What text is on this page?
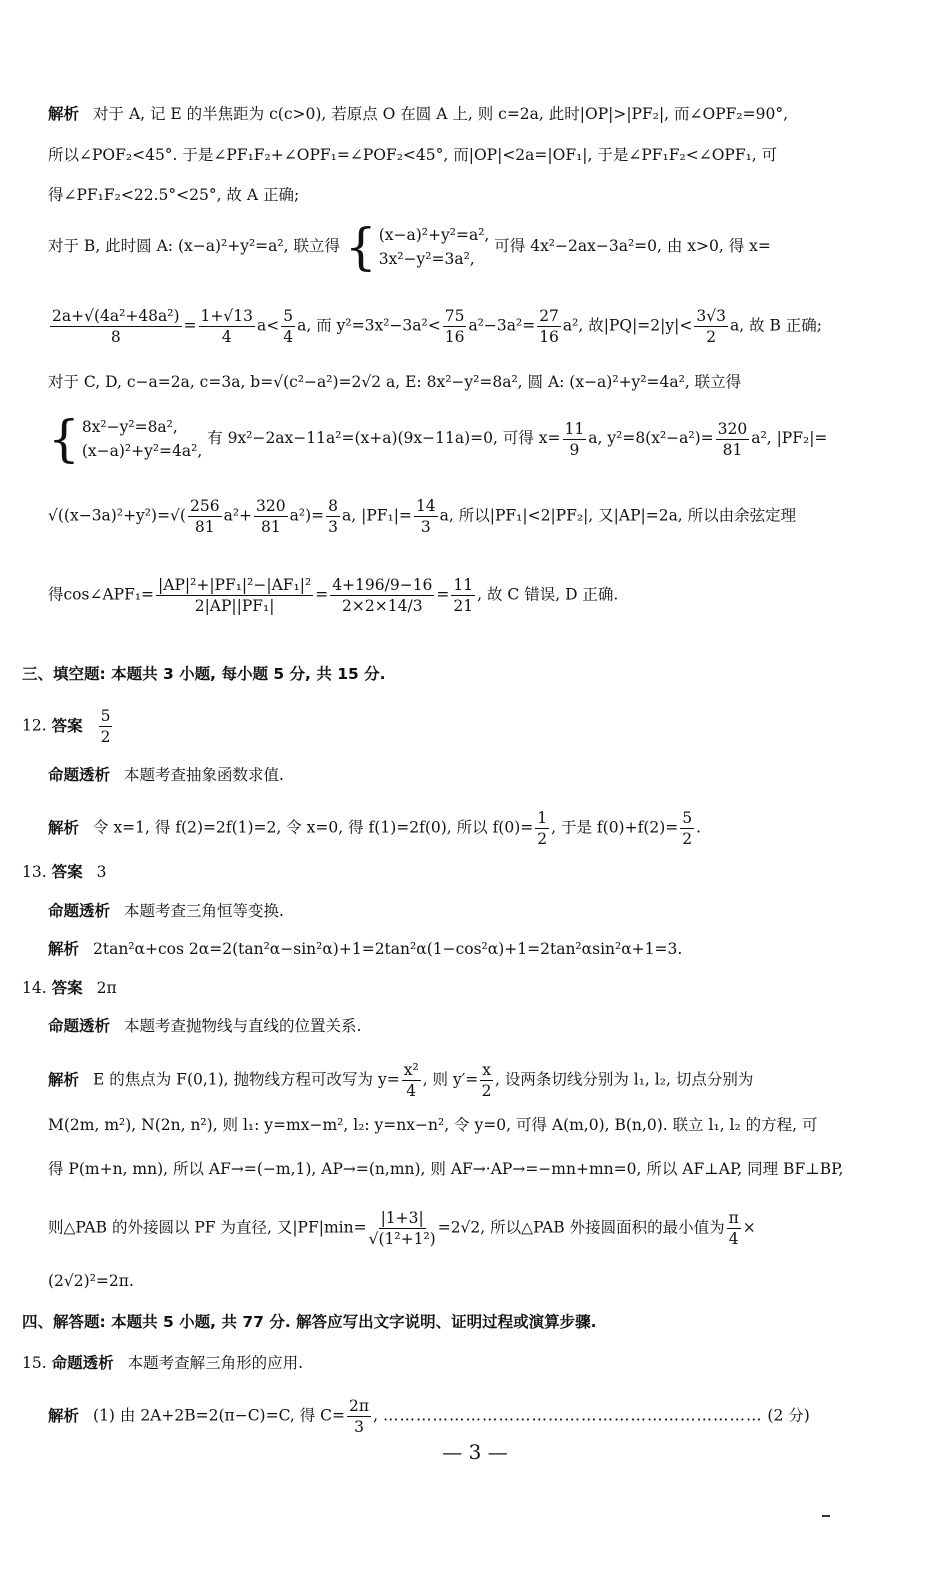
解析 对于 A, 记 E 的半焦距为 c(c>0), 若原点 O 在圆 A 上, 则 c=2a, 此时|OP|>|PF₂|, 而∠OPF₂=90°,
所以∠POF₂<45°. 于是∠PF₁F₂+∠OPF₁=∠POF₂<45°, 而|OP|<2a=|OF₁|, 于是∠PF₁F₂<∠OPF₁, 可
得∠PF₁F₂<22.5°<25°, 故 A 正确;
对于 B, 此时圆 A: (x−a)²+y²=a², 联立得 { (x−a)²+y²=a²,
3x²−y²=3a²,
可得 4x²−2ax−3a²=0, 由 x>0, 得 x=
$\frac{\text{2a+√(4a²+48a²)}}{8} = \frac{1+√13}{4} a< \frac{5}{4} a$, 而 $y^2=3x^2-3a^2< \frac{75}{16} a^2-3a^2= \frac{27}{16} a^2$, 故$|PQ|=2|y|< \frac{3√3}{2} a$, 故 B 正确;
对于 C, D, c−a=2a, c=3a, b=√(c²−a²)=2√2 a, E: 8x²−y²=8a², 圆 A: (x−a)²+y²=4a², 联立得
{ 8x²−y²=8a²,
(x−a)²+y²=4a²,
有 9x²−2ax−11a²=(x+a)(9x−11a)=0, 可得 $x= \frac{11}{9} a$, $y^2=8(x^2-a^2)= \frac{320}{81} a^2$, |PF₂|=
$√((x-3a)^2+y^2)=√( \frac{256}{81} a^2+ \frac{320}{81} a^2)= \frac{8}{3} a$, $|PF_1|= \frac{14}{3} a$, 所以|PF₁|<2|PF₂|, 又|AP|=2a, 所以由余弦定理
得cos∠APF₁= $\frac{\text{|AP|²+|PF₁|²−|AF₁|²}}{\text{2|AP||PF₁|}} = \frac{4+196/9-16}{2\times 2\times 14/3} = \frac{11}{21}$ , 故 C 错误, D 正确.
三、填空题: 本题共 3 小题, 每小题 5 分, 共 15 分.
12. 答案 $\frac{5}{2}$
命题透析 本题考查抽象函数求值.
解析 令 x=1, 得 f(2)=2f(1)=2, 令 x=0, 得 f(1)=2f(0), 所以 $f(0)= \frac{1}{2}$ , 于是 $f(0)+f(2)= \frac{5}{2}$ .
13. 答案 3
命题透析 本题考查三角恒等变换.
解析 2tan²α+cos 2α=2(tan²α−sin²α)+1=2tan²α(1−cos²α)+1=2tan²αsin²α+1=3.
14. 答案 2π
命题透析 本题考查抛物线与直线的位置关系.
解析 E 的焦点为 F(0,1), 抛物线方程可改写为 $y= \frac{\text{x²}}{4}$ , 则 $y'= \frac{x}{2}$ , 设两条切线分别为 l₁, l₂, 切点分别为
M(2m, m²), N(2n, n²), 则 l₁: y=mx−m², l₂: y=nx−n², 令 y=0, 可得 A(m,0), B(n,0). 联立 l₁, l₂ 的方程, 可
得 P(m+n, mn), 所以 AF→=(−m,1), AP→=(n,mn), 则 AF→·AP→=−mn+mn=0, 所以 AF⊥AP, 同理 BF⊥BP,
则△PAB 的外接圆以 PF 为直径, 又$|PF|\min= \frac{|1+3|}{\text{√(1²+1²)}} =2√2$, 所以△PAB 外接圆面积的最小值为 $\frac{\pi}{4}$ ×
(2√2)²=2π.
四、解答题: 本题共 5 小题, 共 77 分. 解答应写出文字说明、证明过程或演算步骤.
15. 命题透析 本题考查解三角形的应用.
解析 (1) 由 2A+2B=2(π−C)=C, 得 $C= \frac{2\pi}{3}$ , …………………………………………………………… (2 分)
— 3 —
